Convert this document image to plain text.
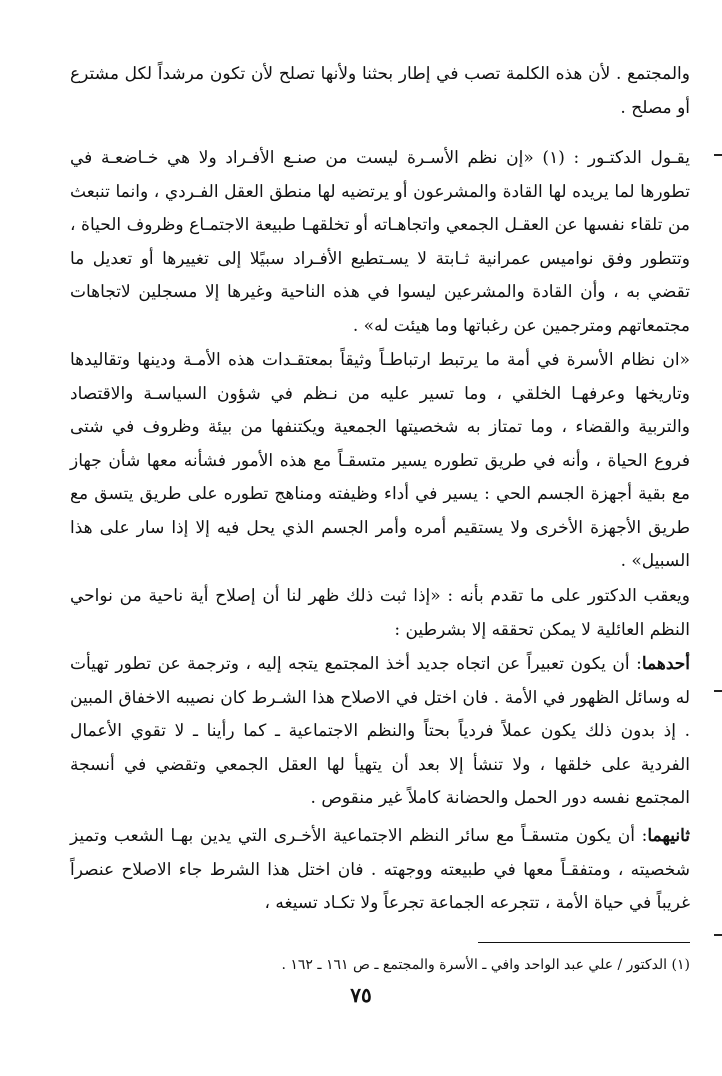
والمجتمع . لأن هذه الكلمة تصب في إطار بحثنا ولأنها تصلح لأن تكون مرشداً لكل مشترع أو مصلح .

يقـول الدكتـور : (١) «إن نظم الأسـرة ليست من صنـع الأفـراد ولا هي خـاضعـة في تطورها لما يريده لها القادة والمشرعون أو يرتضيه لها منطق العقل الفـردي ، وانما تنبعث من تلقاء نفسها عن العقـل الجمعي واتجاهـاته أو تخلقهـا طبيعة الاجتمـاع وظروف الحياة ، وتتطور وفق نواميس عمرانية ثـابتة لا يسـتطيع الأفـراد سبيًلا إلى تغييرها أو تعديل ما تقضي به ، وأن القادة والمشرعين ليسوا في هذه الناحية وغيرها إلا مسجلين لاتجاهات مجتمعاتهم ومترجمين عن رغباتها وما هيئت له» .

«ان نظام الأسرة في أمة ما يرتبط ارتباطـاً وثيقاً بمعتقـدات هذه الأمـة ودينها وتقاليدها وتاريخها وعرفهـا الخلقي ، وما تسير عليه من نـظم في شؤون السياسـة والاقتصاد والتربية والقضاء ، وما تمتاز به شخصيتها الجمعية ويكتنفها من بيئة وظروف في شتى فروع الحياة ، وأنه في طريق تطوره يسير متسقـاً مع هذه الأمور فشأنه معها شأن جهاز مع بقية أجهزة الجسم الحي : يسير في أداء وظيفته ومناهج تطوره على طريق يتسق مع طريق الأجهزة الأخرى ولا يستقيم أمره وأمر الجسم الذي يحل فيه إلا إذا سار على هذا السبيل» .

ويعقب الدكتور على ما تقدم بأنه : «إذا ثبت ذلك ظهر لنا أن إصلاح أية ناحية من نواحي النظم العائلية لا يمكن تحققه إلا بشرطين :

أحدهما: أن يكون تعبيراً عن اتجاه جديد أخذ المجتمع يتجه إليه ، وترجمة عن تطور تهيأت له وسائل الظهور في الأمة . فان اختل في الاصلاح هذا الشـرط كان نصيبه الاخفاق المبين . إذ بدون ذلك يكون عملاً فردياً بحتاً والنظم الاجتماعية ـ كما رأينا ـ لا تقوي الأعمال الفردية على خلقها ، ولا تنشأ إلا بعد أن يتهيأ لها العقل الجمعي وتقضي في أنسجة المجتمع نفسه دور الحمل والحضانة كاملاً غير منقوص .

ثانيهما: أن يكون متسقـاً مع سائر النظم الاجتماعية الأخـرى التي يدين بهـا الشعب وتميز شخصيته ، ومتفقـاً معها في طبيعته ووجهته . فان اختل هذا الشرط جاء الاصلاح عنصراً غريباً في حياة الأمة ، تتجرعه الجماعة تجرعاً ولا تكـاد تسيغه ،

(١) الدكتور / علي عبد الواحد وافي ـ الأسرة والمجتمع ـ ص ١٦١ ـ ١٦٢ .

٧٥
